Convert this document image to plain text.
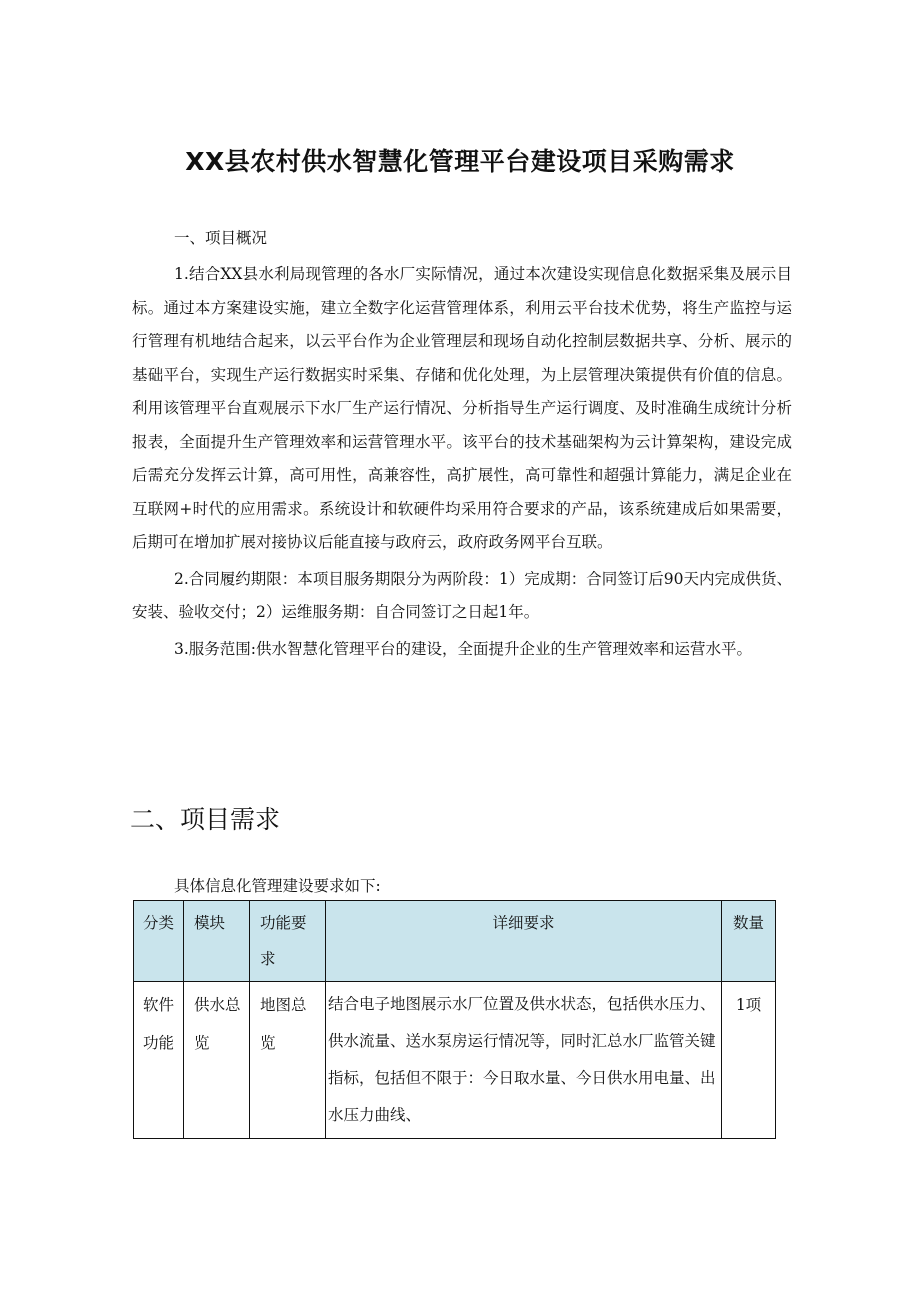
XX县农村供水智慧化管理平台建设项目采购需求

一、项目概况

1.结合XX县水利局现管理的各水厂实际情况，通过本次建设实现信息化数据采集及展示目标。通过本方案建设实施，建立全数字化运营管理体系，利用云平台技术优势，将生产监控与运行管理有机地结合起来，以云平台作为企业管理层和现场自动化控制层数据共享、分析、展示的基础平台，实现生产运行数据实时采集、存储和优化处理，为上层管理决策提供有价值的信息。利用该管理平台直观展示下水厂生产运行情况、分析指导生产运行调度、及时准确生成统计分析报表，全面提升生产管理效率和运营管理水平。该平台的技术基础架构为云计算架构，建设完成后需充分发挥云计算，高可用性，高兼容性，高扩展性，高可靠性和超强计算能力，满足企业在互联网+时代的应用需求。系统设计和软硬件均采用符合要求的产品，该系统建成后如果需要，后期可在增加扩展对接协议后能直接与政府云，政府政务网平台互联。

2.合同履约期限：本项目服务期限分为两阶段：1）完成期：合同签订后90天内完成供货、安装、验收交付；2）运维服务期：自合同签订之日起1年。

3.服务范围:供水智慧化管理平台的建设，全面提升企业的生产管理效率和运营水平。

二、项目需求

具体信息化管理建设要求如下:

分类	模块	功能要求	详细要求	数量
软件功能	供水总览	地图总览	结合电子地图展示水厂位置及供水状态，包括供水压力、供水流量、送水泵房运行情况等，同时汇总水厂监管关键指标，包括但不限于：今日取水量、今日供水用电量、出水压力曲线、	1项
